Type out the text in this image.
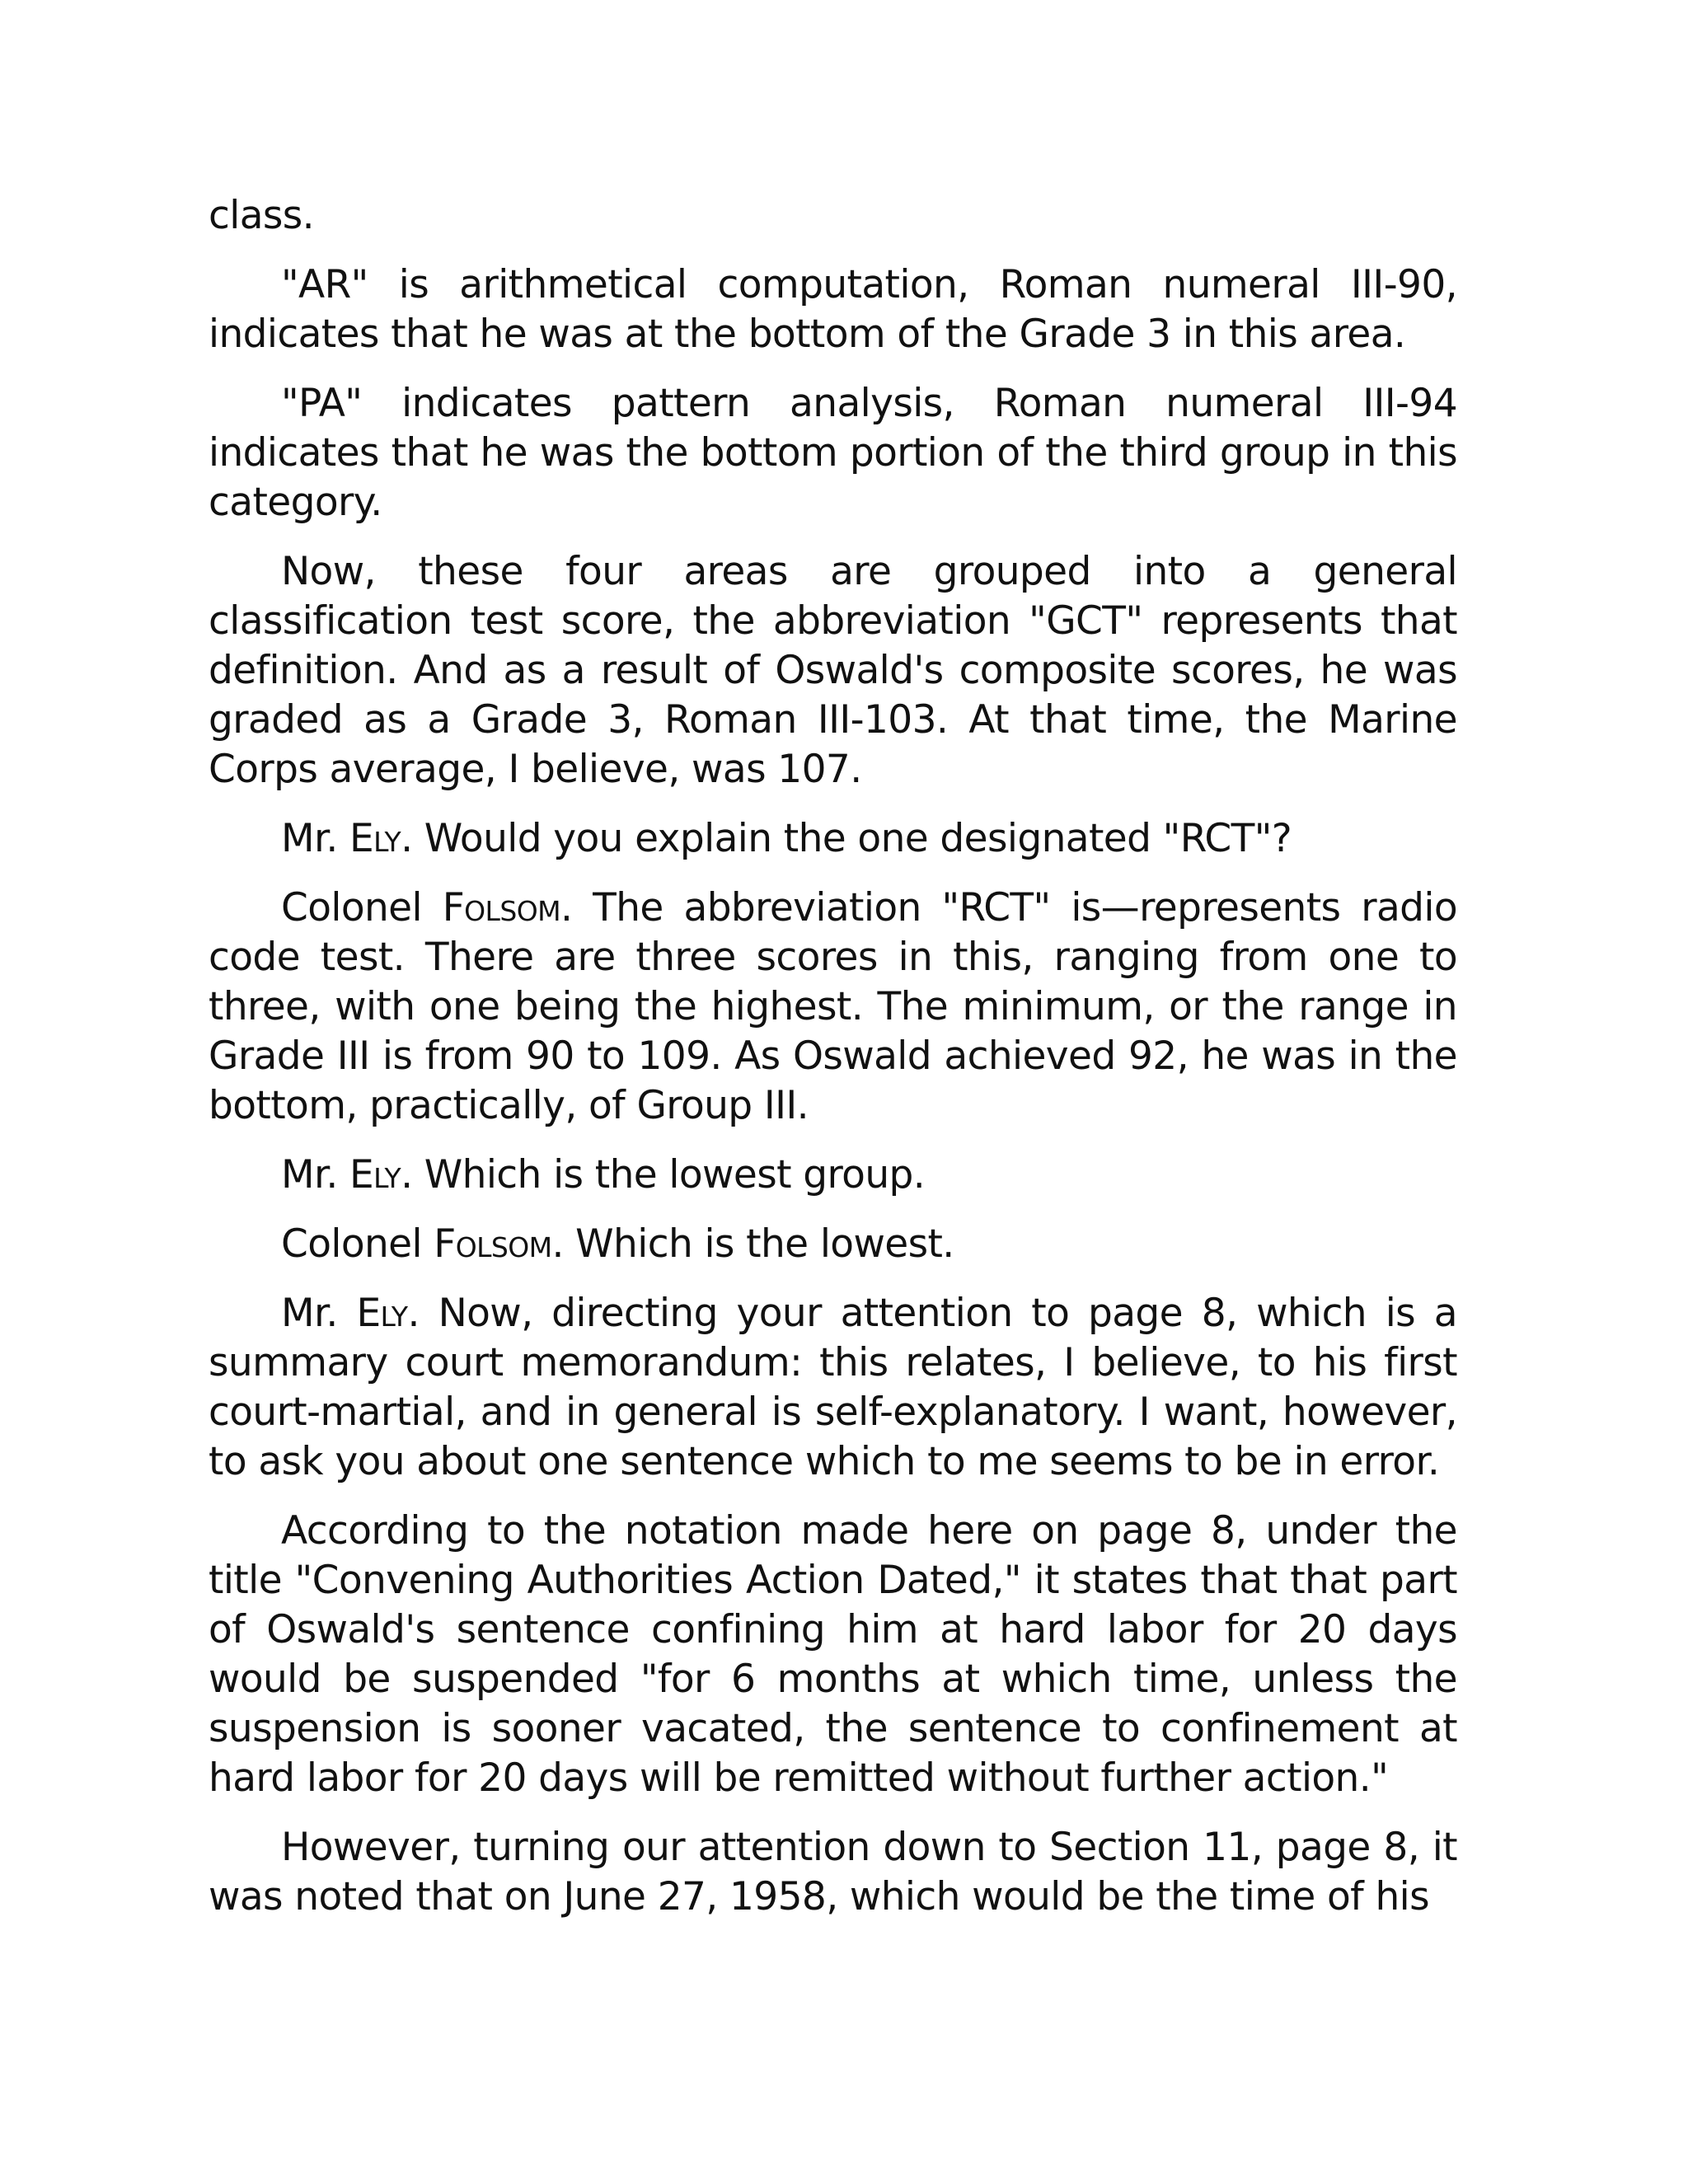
class.

"AR" is arithmetical computation, Roman numeral III-90, indicates that he was at the bottom of the Grade 3 in this area.

"PA" indicates pattern analysis, Roman numeral III-94 indicates that he was the bottom portion of the third group in this category.

Now, these four areas are grouped into a general classification test score, the abbreviation "GCT" represents that definition. And as a result of Oswald's composite scores, he was graded as a Grade 3, Roman III-103. At that time, the Marine Corps average, I believe, was 107.

Mr. Ely. Would you explain the one designated "RCT"?

Colonel Folsom. The abbreviation "RCT" is—represents radio code test. There are three scores in this, ranging from one to three, with one being the highest. The minimum, or the range in Grade III is from 90 to 109. As Oswald achieved 92, he was in the bottom, practically, of Group III.

Mr. Ely. Which is the lowest group.

Colonel Folsom. Which is the lowest.

Mr. Ely. Now, directing your attention to page 8, which is a summary court memorandum: this relates, I believe, to his first court-martial, and in general is self-explanatory. I want, however, to ask you about one sentence which to me seems to be in error.

According to the notation made here on page 8, under the title "Convening Authorities Action Dated," it states that that part of Oswald's sentence confining him at hard labor for 20 days would be suspended "for 6 months at which time, unless the suspension is sooner vacated, the sentence to confinement at hard labor for 20 days will be remitted without further action."

However, turning our attention down to Section 11, page 8, it was noted that on June 27, 1958, which would be the time of his
